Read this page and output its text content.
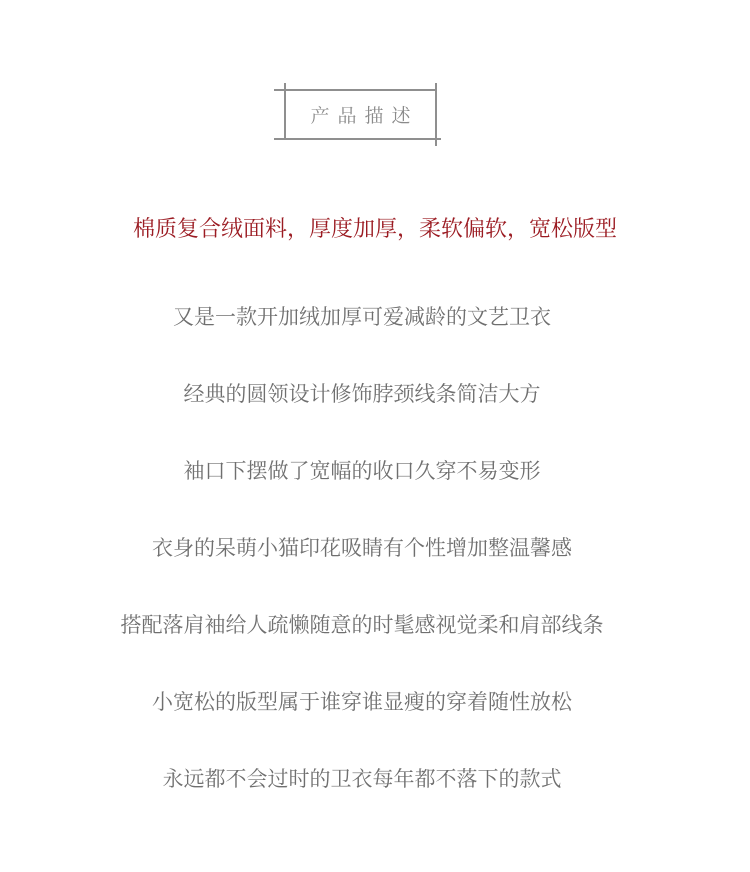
产品描述
棉质复合绒面料，厚度加厚，柔软偏软，宽松版型
又是一款开加绒加厚可爱减龄的文艺卫衣
经典的圆领设计修饰脖颈线条简洁大方
袖口下摆做了宽幅的收口久穿不易变形
衣身的呆萌小猫印花吸睛有个性增加整温馨感
搭配落肩袖给人疏懒随意的时髦感视觉柔和肩部线条
小宽松的版型属于谁穿谁显瘦的穿着随性放松
永远都不会过时的卫衣每年都不落下的款式
